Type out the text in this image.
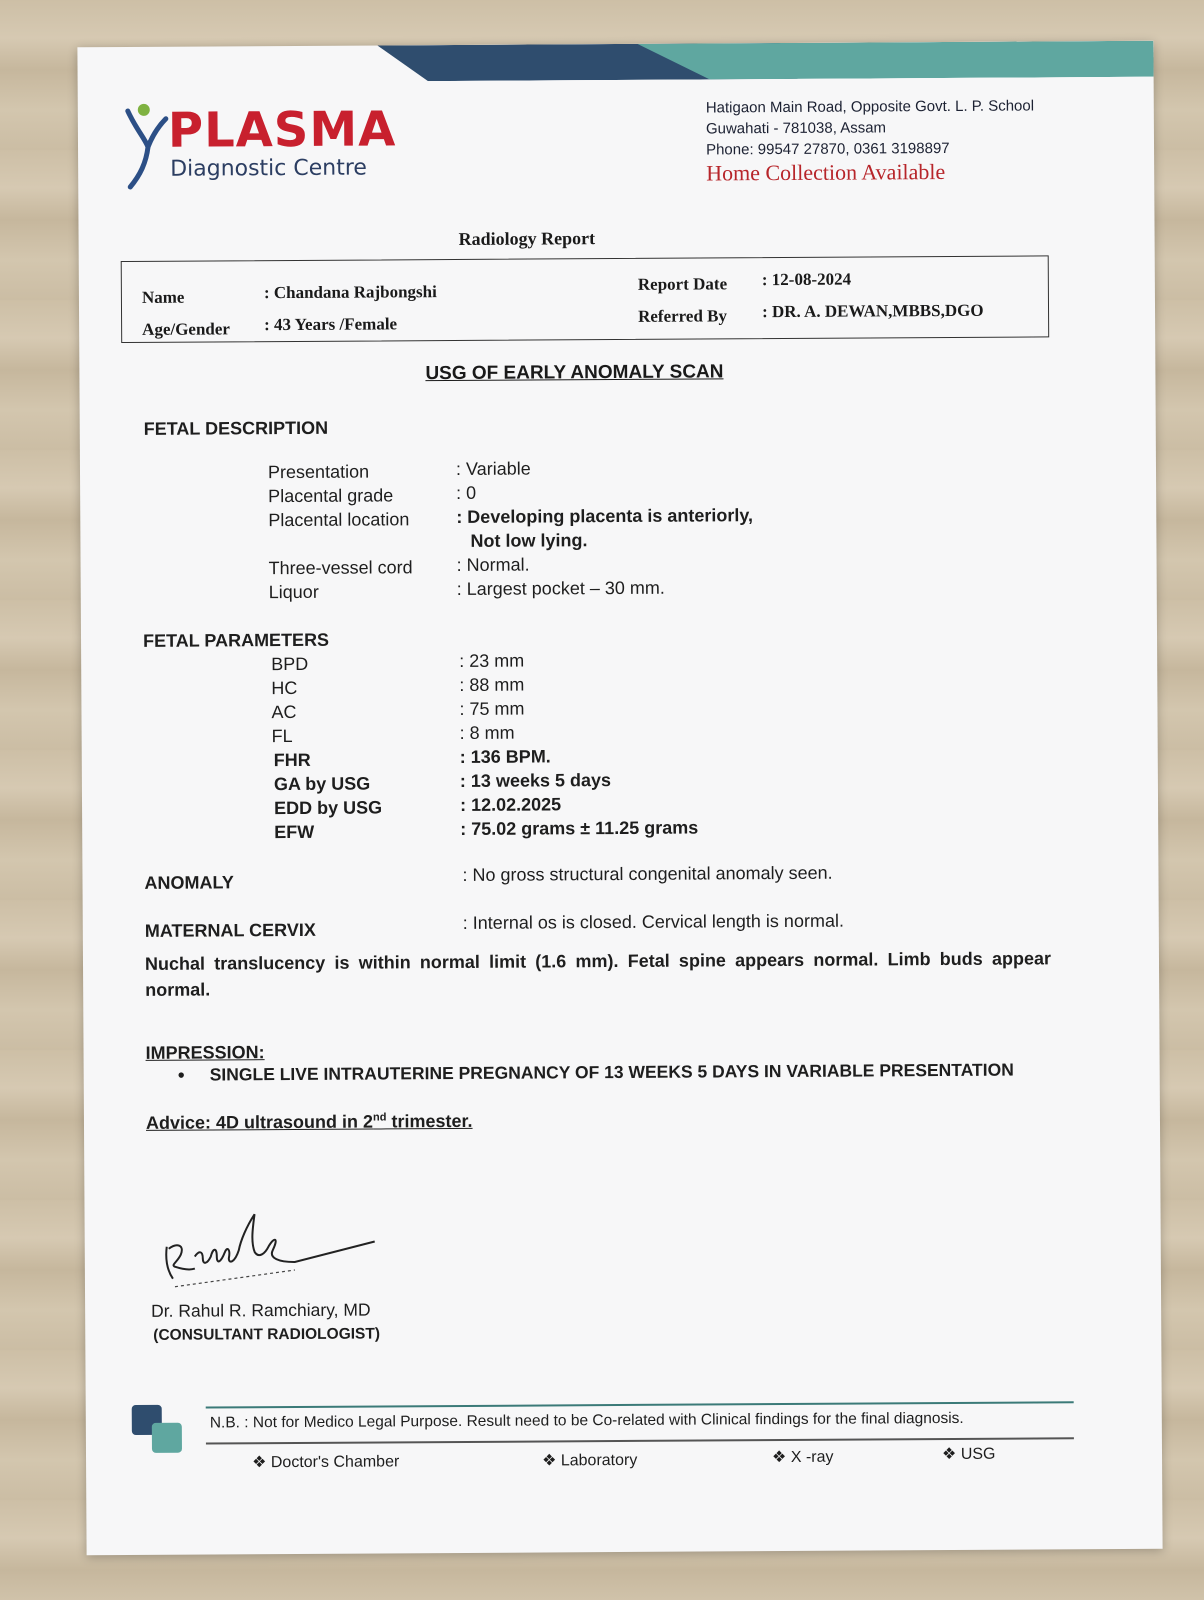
PLASMA
Diagnostic Centre
Hatigaon Main Road, Opposite Govt. L. P. School
Guwahati - 781038, Assam
Phone: 99547 27870, 0361 3198897
Home Collection Available
Radiology Report
Name	: Chandana Rajbongshi
Age/Gender : 43 Years /Female
Report Date : 12-08-2024
Referred By : DR. A. DEWAN,MBBS,DGO
USG OF EARLY ANOMALY SCAN
FETAL DESCRIPTION
Presentation	: Variable
Placental grade	: 0
Placental location	: Developing placenta is anteriorly,
Not low lying.
Three-vessel cord : Normal.
Liquor	: Largest pocket – 30 mm.
FETAL PARAMETERS
BPD	: 23 mm
HC	: 88 mm
AC	: 75 mm
FL	: 8 mm
FHR	: 136 BPM.
GA by USG	: 13 weeks 5 days
EDD by USG	: 12.02.2025
EFW	: 75.02 grams ± 11.25 grams
ANOMALY	: No gross structural congenital anomaly seen.
MATERNAL CERVIX	: Internal os is closed. Cervical length is normal.
Nuchal translucency is within normal limit (1.6 mm). Fetal spine appears normal. Limb buds appear normal.
IMPRESSION:
• SINGLE LIVE INTRAUTERINE PREGNANCY OF 13 WEEKS 5 DAYS IN VARIABLE PRESENTATION
Advice: 4D ultrasound in 2nd trimester.
Dr. Rahul R. Ramchiary, MD
(CONSULTANT RADIOLOGIST)
N.B. : Not for Medico Legal Purpose. Result need to be Co-related with Clinical findings for the final diagnosis.
❖ Doctor's Chamber	❖ Laboratory	❖ X -ray	❖ USG
